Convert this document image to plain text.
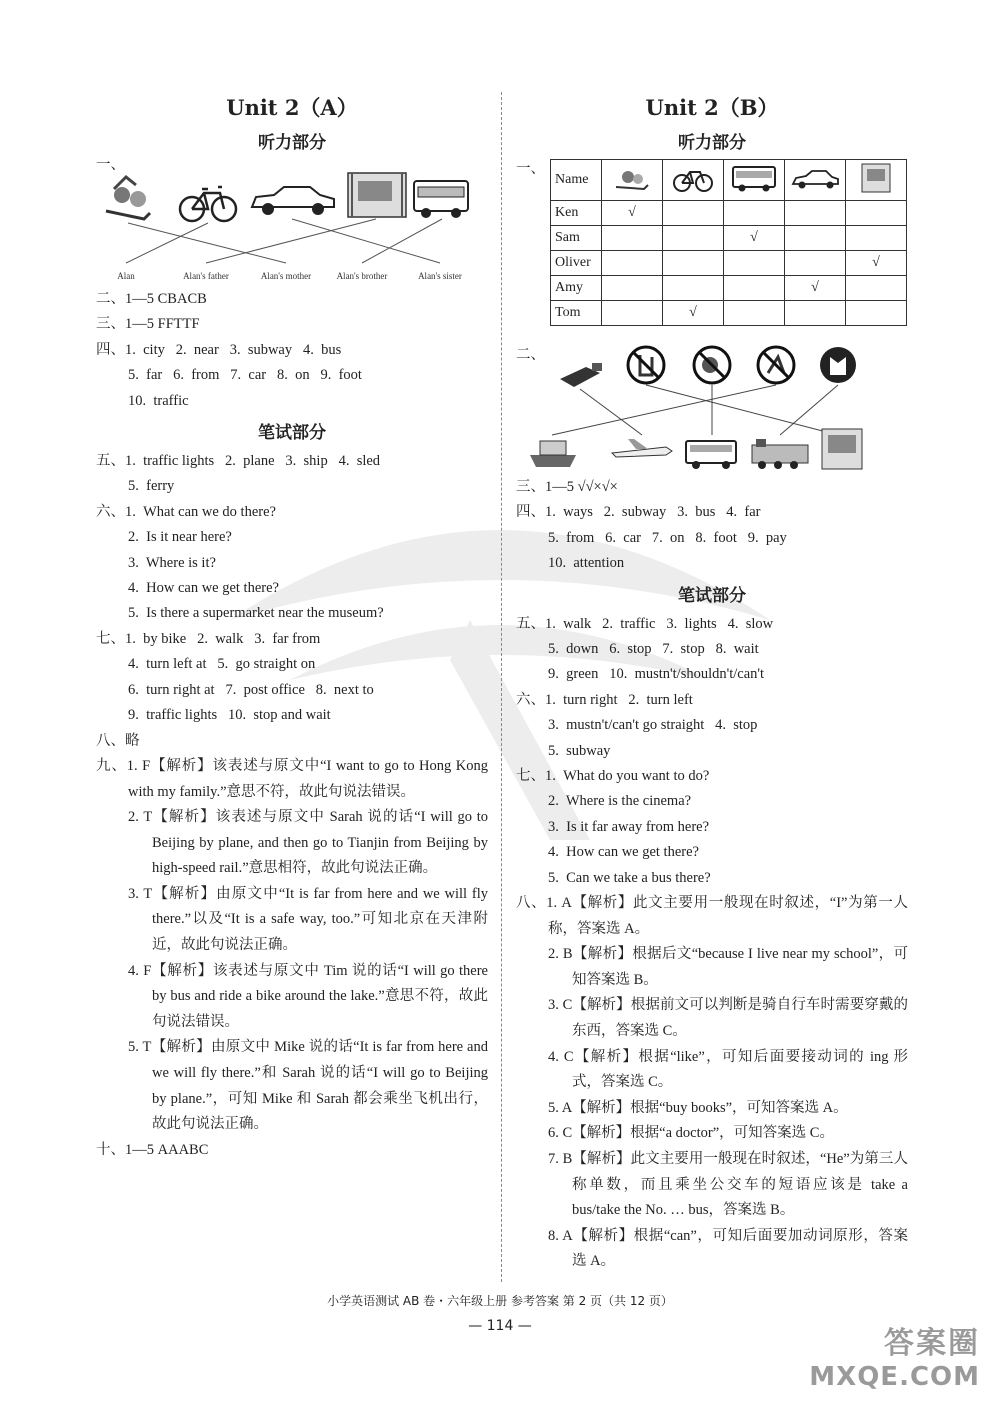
Unit 2（A）
听力部分
一、
Alan	Alan's father	Alan's mother	Alan's brother	Alan's sister
二、1—5 CBACB
三、1—5 FFTTF
四、1.  city   2.  near   3.  subway   4.  bus
5.  far   6.  from   7.  car   8.  on   9.  foot
10.  traffic
笔试部分
五、1.  traffic lights   2.  plane   3.  ship   4.  sled
5.  ferry
六、1.  What can we do there?
2.  Is it near here?
3.  Where is it?
4.  How can we get there?
5.  Is there a supermarket near the museum?
七、1.  by bike   2.  walk   3.  far from
4.  turn left at   5.  go straight on
6.  turn right at   7.  post office   8.  next to
9.  traffic lights   10.  stop and wait
八、略
九、1. F【解析】该表述与原文中“I want to go to Hong Kong with my family.”意思不符，故此句说法错误。
2. T【解析】该表述与原文中 Sarah 说的话“I will go to Beijing by plane, and then go to Tianjin from Beijing by high-speed rail.”意思相符，故此句说法正确。
3. T【解析】由原文中“It is far from here and we will fly there.”以及“It is a safe way, too.”可知北京在天津附近，故此句说法正确。
4. F【解析】该表述与原文中 Tim 说的话“I will go there by bus and ride a bike around the lake.”意思不符，故此句说法错误。
5. T【解析】由原文中 Mike 说的话“It is far from here and we will fly there.”和 Sarah 说的话“I will go to Beijing by plane.”，可知 Mike 和 Sarah 都会乘坐飞机出行，故此句说法正确。
十、1—5 AAABC
Unit 2（B）
听力部分
一、
Name					
Ken	√				
Sam			√		
Oliver					√
Amy				√	
Tom		√			
二、
三、1—5 √√×√×
四、1.  ways   2.  subway   3.  bus   4.  far
5.  from   6.  car   7.  on   8.  foot   9.  pay
10.  attention
笔试部分
五、1.  walk   2.  traffic   3.  lights   4.  slow
5.  down   6.  stop   7.  stop   8.  wait
9.  green   10.  mustn't/shouldn't/can't
六、1.  turn right   2.  turn left
3.  mustn't/can't go straight   4.  stop
5.  subway
七、1.  What do you want to do?
2.  Where is the cinema?
3.  Is it far away from here?
4.  How can we get there?
5.  Can we take a bus there?
八、1. A【解析】此文主要用一般现在时叙述，“I”为第一人称，答案选 A。
2. B【解析】根据后文“because I live near my school”，可知答案选 B。
3. C【解析】根据前文可以判断是骑自行车时需要穿戴的东西，答案选 C。
4. C【解析】根据“like”，可知后面要接动词的 ing 形式，答案选 C。
5. A【解析】根据“buy books”，可知答案选 A。
6. C【解析】根据“a doctor”，可知答案选 C。
7. B【解析】此文主要用一般现在时叙述，“He”为第三人称单数，而且乘坐公交车的短语应该是 take a bus/take the No. … bus，答案选 B。
8. A【解析】根据“can”，可知后面要加动词原形，答案选 A。
小学英语测试 AB 卷・六年级上册 参考答案 第 2 页（共 12 页）
— 114 —	答案圈
MXQE.COM
